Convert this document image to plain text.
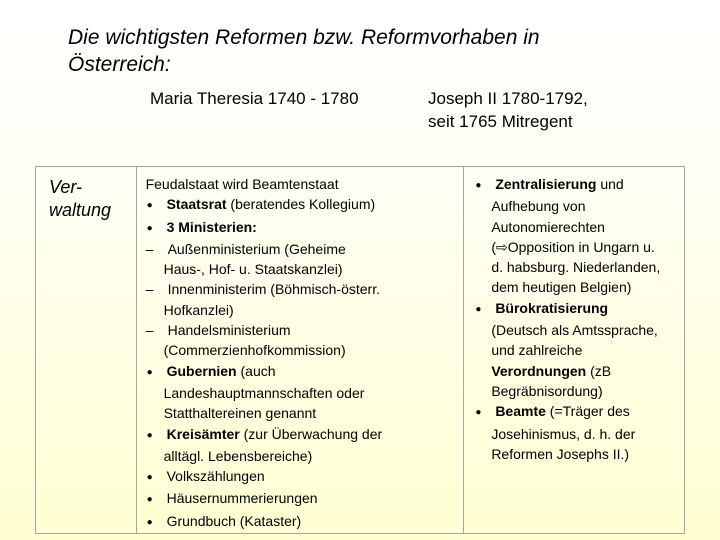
Die wichtigsten Reformen bzw. Reformvorhaben in
Österreich:
Maria Theresia 1740 - 1780	Joseph II 1780-1792,
seit 1765 Mitregent
Ver-
waltung

Feudalstaat wird Beamtenstaat
● Staatsrat (beratendes Kollegium)
● 3 Ministerien:
– Außenministerium (Geheime
Haus-, Hof- u. Staatskanzlei)
– Innenministerim (Böhmisch-österr.
Hofkanzlei)
– Handelsministerium
(Commerzienhofkommission)
● Gubernien (auch
Landeshauptmannschaften oder
Statthaltereinen genannt
● Kreisämter (zur Überwachung der
alltägl. Lebensbereiche)
● Volkszählungen
● Häusernummerierungen
● Grundbuch (Kataster)

● Zentralisierung und
Aufhebung von
Autonomierechten
(⇨Opposition in Ungarn u.
d. habsburg. Niederlanden,
dem heutigen Belgien)
● Bürokratisierung
(Deutsch als Amtssprache,
und zahlreiche
Verordnungen (zB
Begräbnisordung)
● Beamte (=Träger des
Josehinismus, d. h. der
Reformen Josephs II.)
